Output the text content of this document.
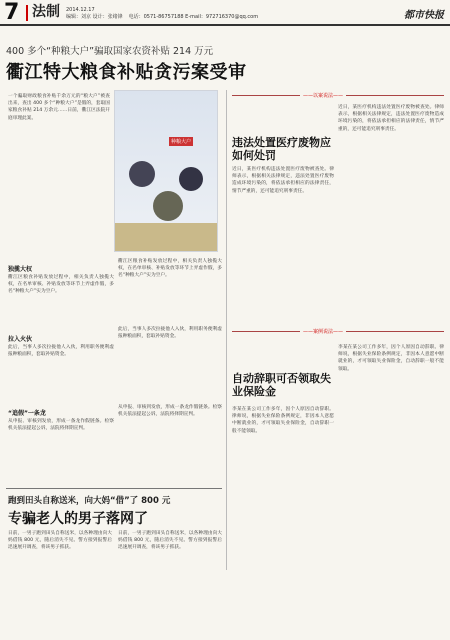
7 法制 2014.12.17
编辑：刘京 设计：张绪锋 电话：0571-86757188 E-mail：972716370@qq.com	都市快报
400 多个“种粮大户”骗取国家农资补贴 214 万元
衢江特大粮食补贴贪污案受审
一个骗取财政粮食补贴千余万元的“粮大户”被查出来，查出 400 多个“种粮大户”是假的，套取国家粮食补贴 214 万余元……日前，衢江区法院开庭审理此案。
种粮大户
独揽大权
衢江区粮食补贴发放过程中，相关负责人独揽大权，在名单审核、补贴发放等环节上弄虚作假，多名“种粮大户”实为空户。
衢江区粮食补贴发放过程中，相关负责人独揽大权，在名单审核、补贴发放等环节上弄虚作假，多名“种粮大户”实为空户。
拉入火伙
此后，当事人多次拉拢他人入伙，利用职务便利虚报种粮面积，套取补贴资金。
此后，当事人多次拉拢他人入伙，利用职务便利虚报种粮面积，套取补贴资金。
“追假”一条龙
从申报、审核到发放，形成一条龙作假链条。检察机关依法提起公诉，法院将择期宣判。
从申报、审核到发放，形成一条龙作假链条。检察机关依法提起公诉，法院将择期宣判。
跑到田头自称送米，向大妈“借”了 800 元
专骗老人的男子落网了
日前，一男子跑到田头自称送米，以各种理由向大妈借钱 800 元，随后消失不见。警方接到报警后迅速展开调查，将该男子抓获。
日前，一男子跑到田头自称送米，以各种理由向大妈借钱 800 元，随后消失不见。警方接到报警后迅速展开调查，将该男子抓获。
——以案说法——
违法处置医疗废物应如何处罚
近日，某医疗机构违法处置医疗废物被查处。律师表示，根据相关法律规定，违法处置医疗废物造成环境污染的，将依法承担相应的法律责任，情节严重的，还可能追究刑事责任。
近日，某医疗机构违法处置医疗废物被查处。律师表示，根据相关法律规定，违法处置医疗废物造成环境污染的，将依法承担相应的法律责任，情节严重的，还可能追究刑事责任。
——案例说法——
自动辞职可否领取失业保险金
李某在某公司工作多年，因个人原因自动辞职。律师说，根据失业保险条例规定，非因本人意愿中断就业的，才可领取失业保险金，自动辞职一般不能领取。
李某在某公司工作多年，因个人原因自动辞职。律师说，根据失业保险条例规定，非因本人意愿中断就业的，才可领取失业保险金，自动辞职一般不能领取。
